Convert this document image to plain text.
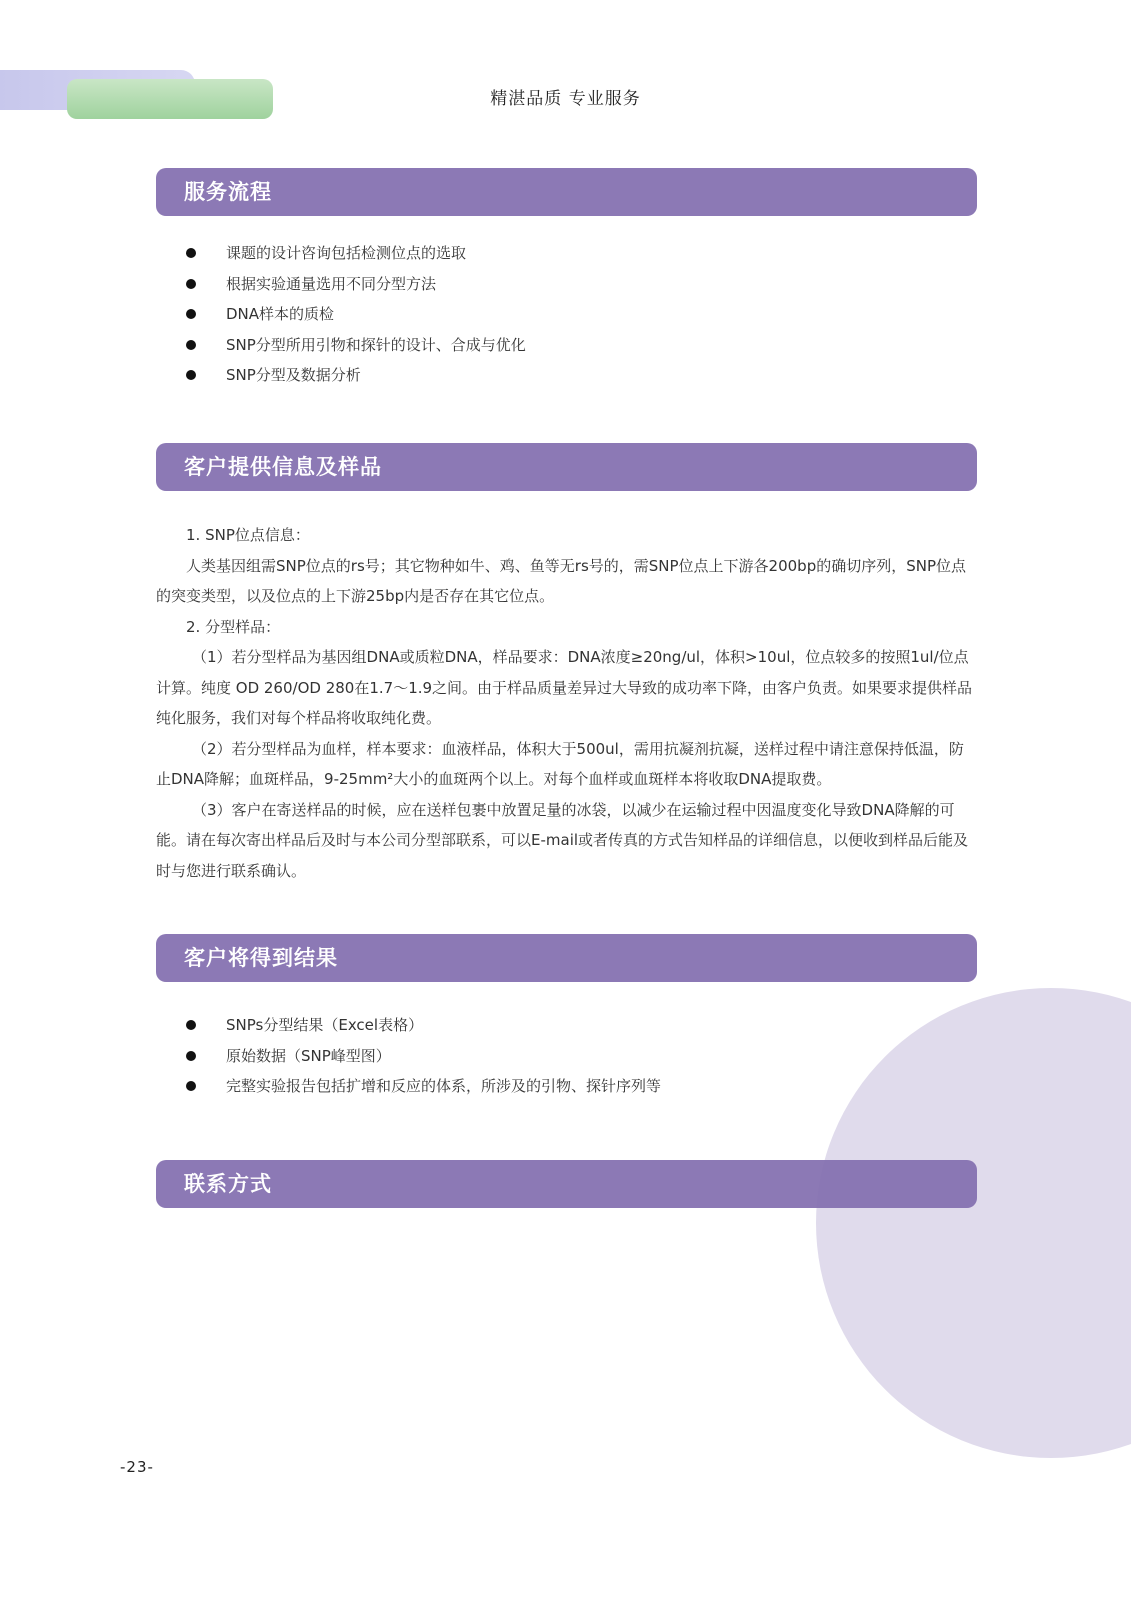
精湛品质 专业服务
服务流程
课题的设计咨询包括检测位点的选取
根据实验通量选用不同分型方法
DNA样本的质检
SNP分型所用引物和探针的设计、合成与优化
SNP分型及数据分析
客户提供信息及样品

1. SNP位点信息：

人类基因组需SNP位点的rs号；其它物种如牛、鸡、鱼等无rs号的，需SNP位点上下游各200bp的确切序列，SNP位点的突变类型，以及位点的上下游25bp内是否存在其它位点。

2. 分型样品：

（1）若分型样品为基因组DNA或质粒DNA，样品要求：DNA浓度≥20ng/ul，体积>10ul，位点较多的按照1ul/位点计算。纯度 OD 260/OD 280在1.7～1.9之间。由于样品质量差异过大导致的成功率下降，由客户负责。如果要求提供样品纯化服务，我们对每个样品将收取纯化费。

（2）若分型样品为血样，样本要求：血液样品，体积大于500ul，需用抗凝剂抗凝，送样过程中请注意保持低温，防止DNA降解；血斑样品，9-25mm²大小的血斑两个以上。对每个血样或血斑样本将收取DNA提取费。

（3）客户在寄送样品的时候，应在送样包裹中放置足量的冰袋，以减少在运输过程中因温度变化导致DNA降解的可能。请在每次寄出样品后及时与本公司分型部联系，可以E-mail或者传真的方式告知样品的详细信息，以便收到样品后能及时与您进行联系确认。

客户将得到结果
SNPs分型结果（Excel表格）
原始数据（SNP峰型图）
完整实验报告包括扩增和反应的体系，所涉及的引物、探针序列等
联系方式
-23-
